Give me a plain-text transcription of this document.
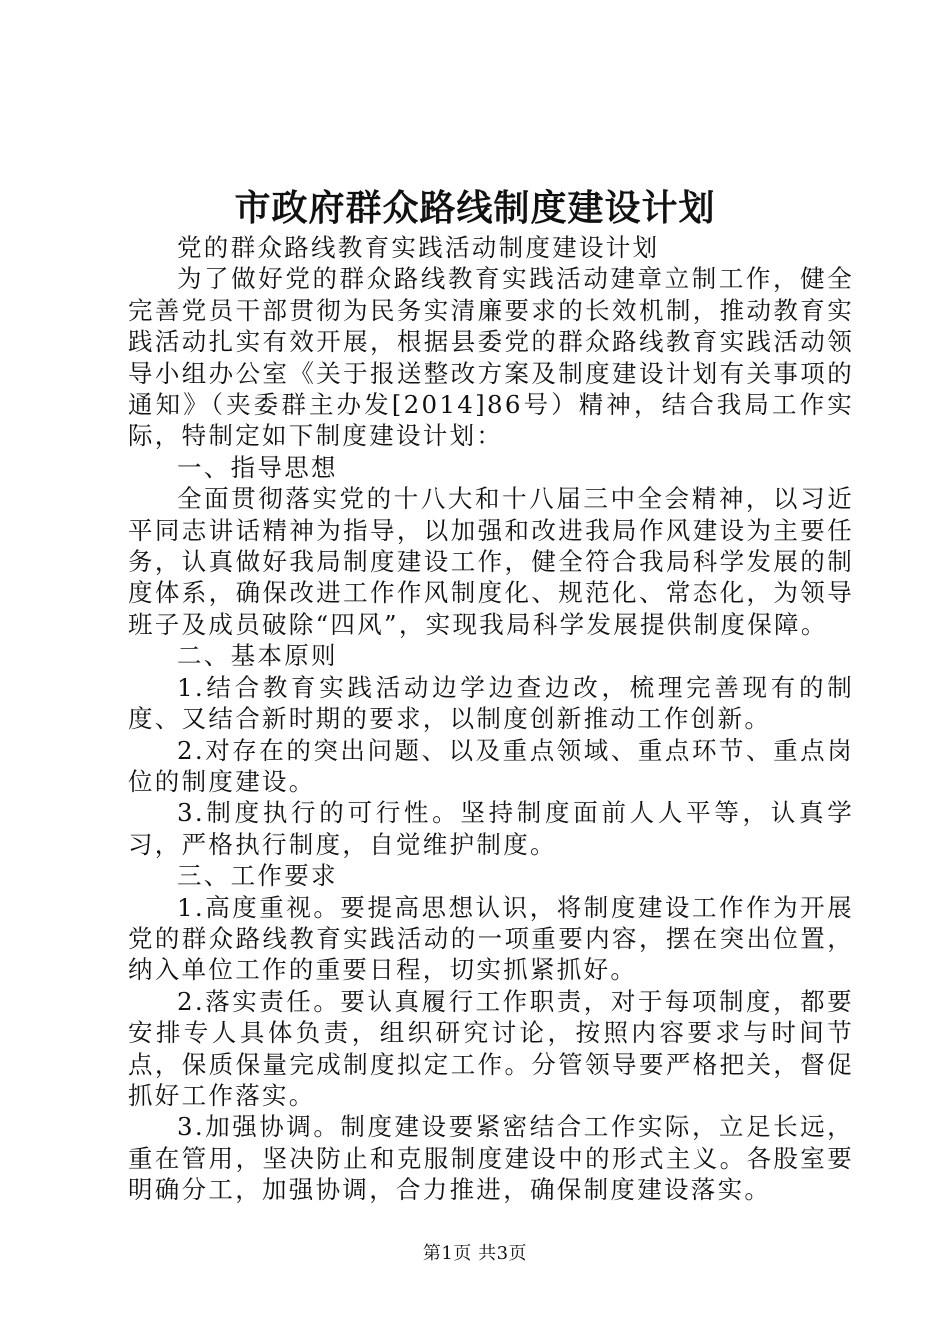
市政府群众路线制度建设计划

党的群众路线教育实践活动制度建设计划

为了做好党的群众路线教育实践活动建章立制工作，健全完善党员干部贯彻为民务实清廉要求的长效机制，推动教育实践活动扎实有效开展，根据县委党的群众路线教育实践活动领导小组办公室《关于报送整改方案及制度建设计划有关事项的通知》（夹委群主办发[2014]86号）精神，结合我局工作实际，特制定如下制度建设计划：

一、指导思想

全面贯彻落实党的十八大和十八届三中全会精神，以习近平同志讲话精神为指导，以加强和改进我局作风建设为主要任务，认真做好我局制度建设工作，健全符合我局科学发展的制度体系，确保改进工作作风制度化、规范化、常态化，为领导班子及成员破除“四风”，实现我局科学发展提供制度保障。

二、基本原则

1.结合教育实践活动边学边查边改，梳理完善现有的制度、又结合新时期的要求，以制度创新推动工作创新。

2.对存在的突出问题、以及重点领域、重点环节、重点岗位的制度建设。

3.制度执行的可行性。坚持制度面前人人平等，认真学习，严格执行制度，自觉维护制度。

三、工作要求

1.高度重视。要提高思想认识，将制度建设工作作为开展党的群众路线教育实践活动的一项重要内容，摆在突出位置，纳入单位工作的重要日程，切实抓紧抓好。

2.落实责任。要认真履行工作职责，对于每项制度，都要安排专人具体负责，组织研究讨论，按照内容要求与时间节点，保质保量完成制度拟定工作。分管领导要严格把关，督促抓好工作落实。

3.加强协调。制度建设要紧密结合工作实际，立足长远，重在管用，坚决防止和克服制度建设中的形式主义。各股室要明确分工，加强协调，合力推进，确保制度建设落实。

第1页 共3页
